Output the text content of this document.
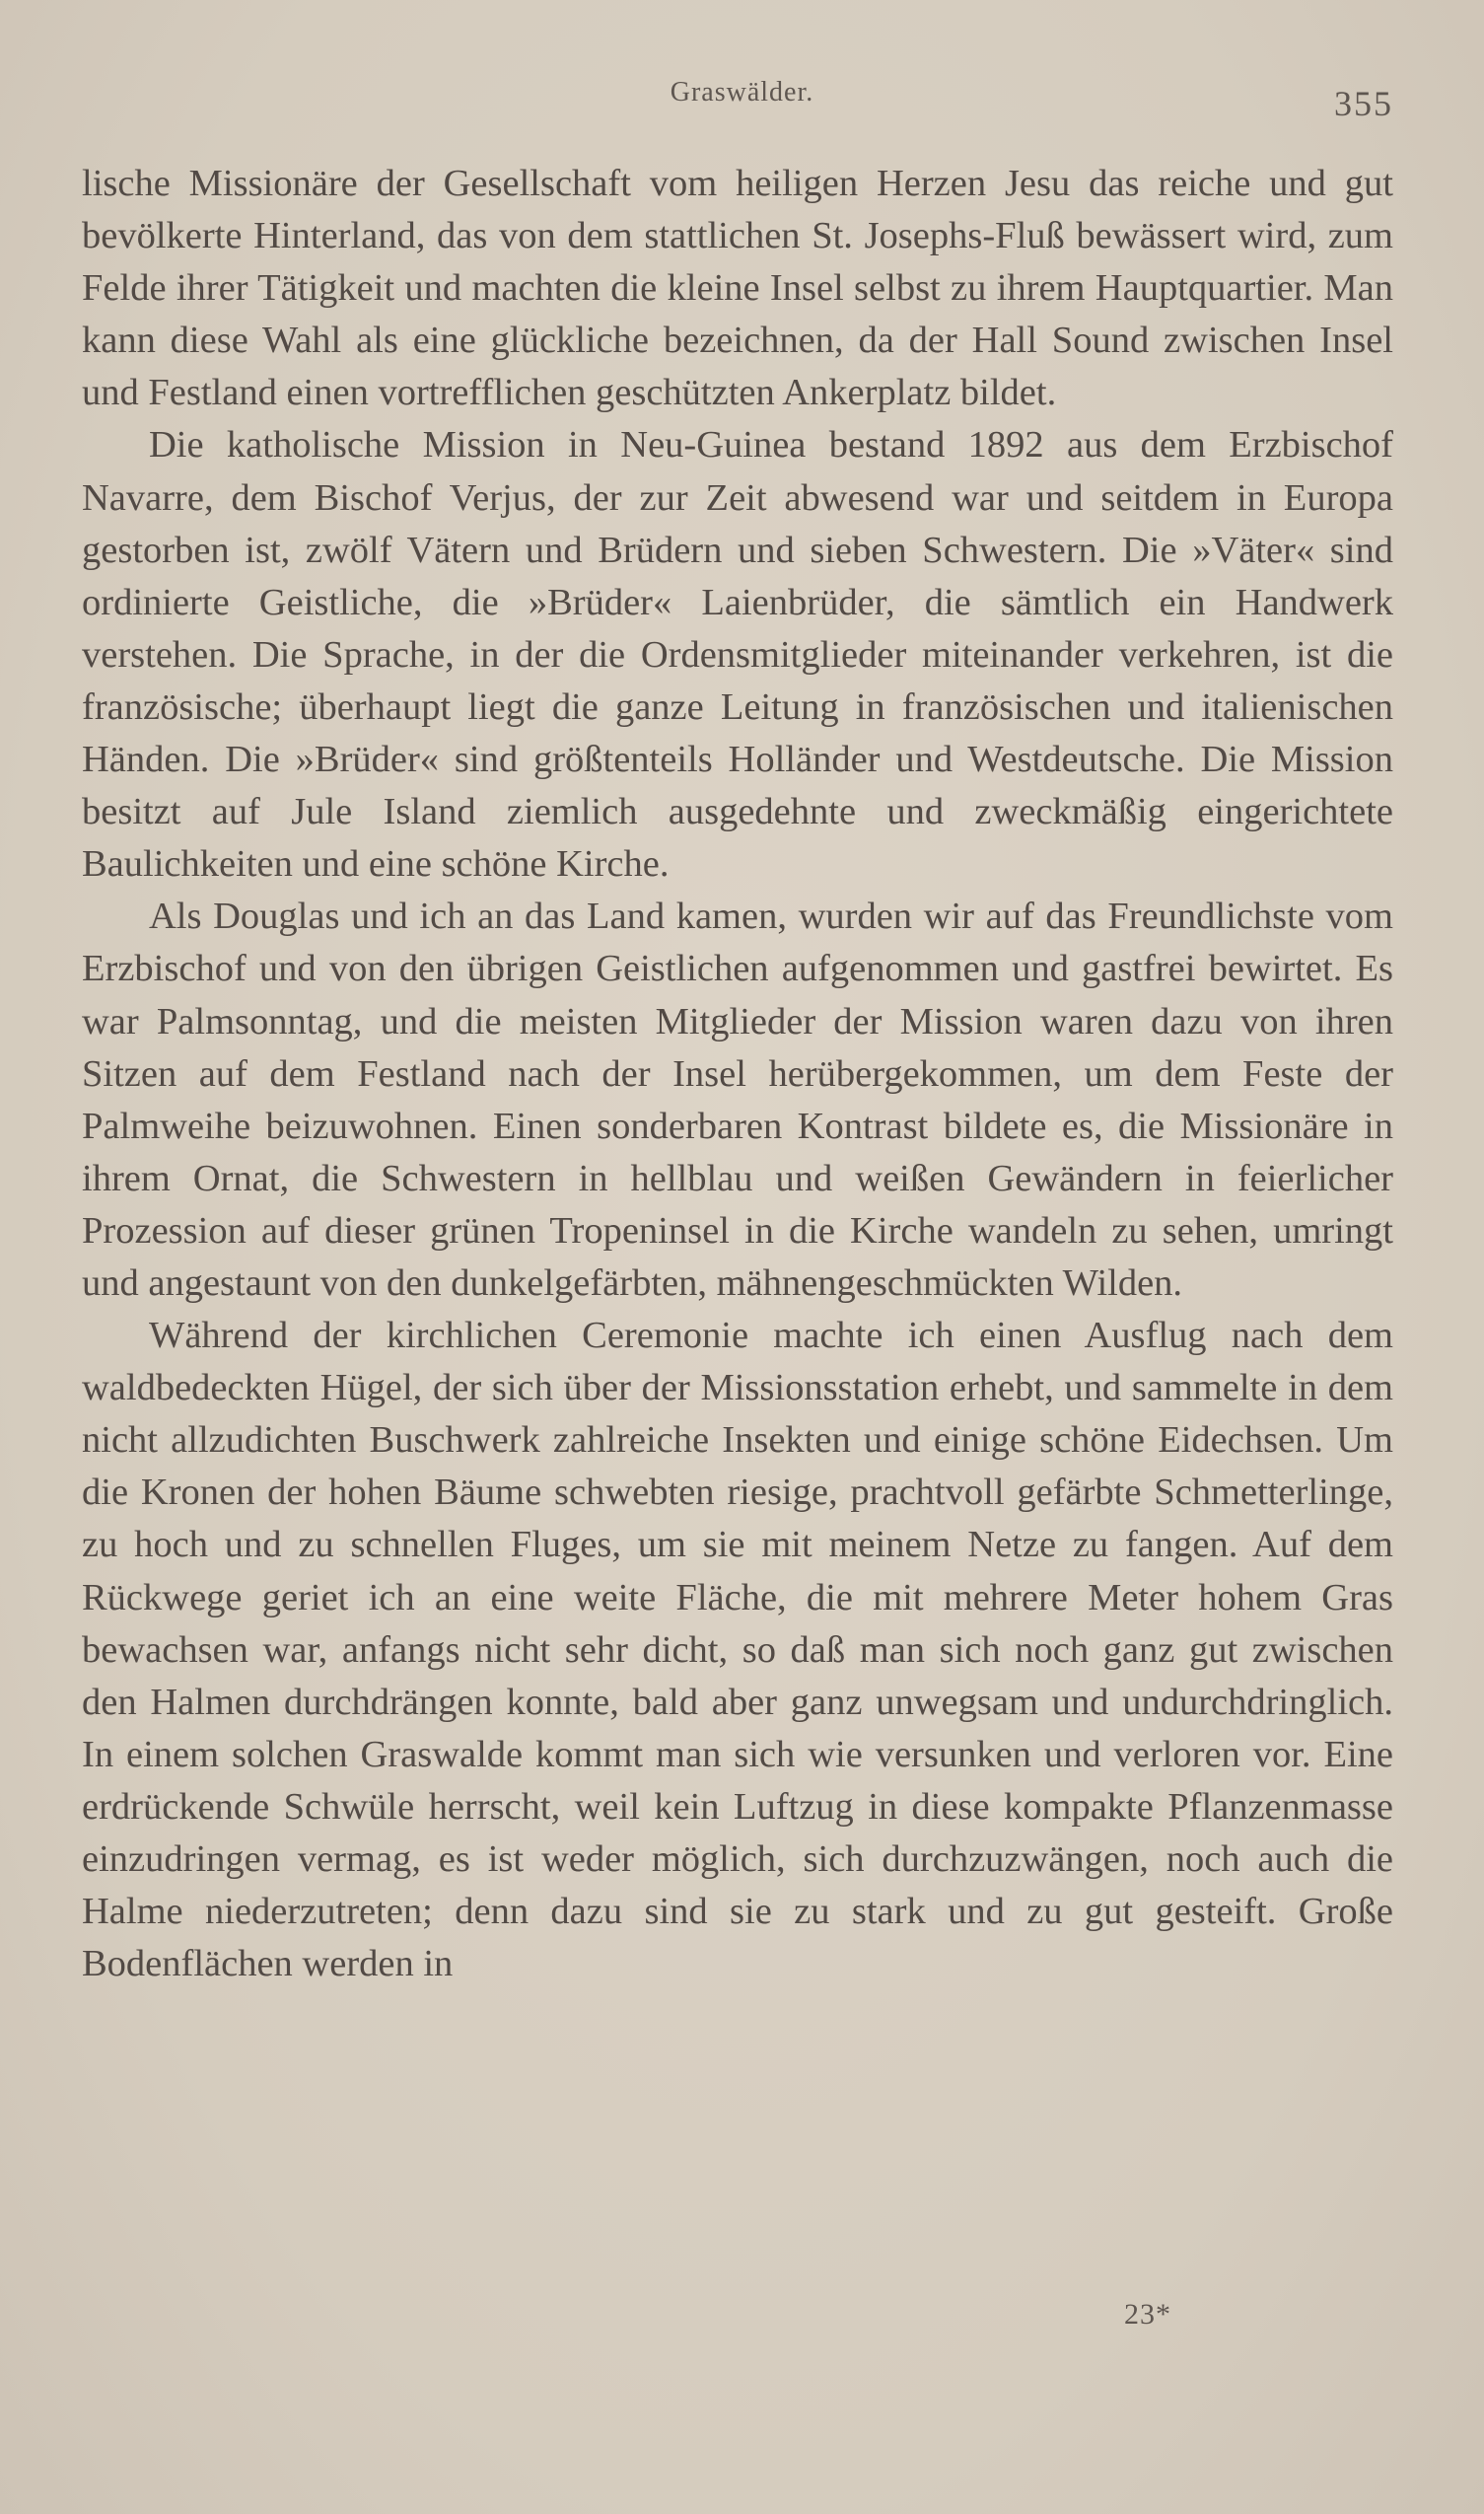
Graswälder.	355

lische Missionäre der Gesellschaft vom heiligen Herzen Jesu das reiche und gut bevölkerte Hinterland, das von dem stattlichen St. Josephs-Fluß bewässert wird, zum Felde ihrer Tätigkeit und machten die kleine Insel selbst zu ihrem Hauptquartier. Man kann diese Wahl als eine glückliche bezeichnen, da der Hall Sound zwischen Insel und Festland einen vortrefflichen geschützten Ankerplatz bildet.

Die katholische Mission in Neu-Guinea bestand 1892 aus dem Erzbischof Navarre, dem Bischof Verjus, der zur Zeit abwesend war und seitdem in Europa gestorben ist, zwölf Vätern und Brüdern und sieben Schwestern. Die »Väter« sind ordinierte Geistliche, die »Brüder« Laienbrüder, die sämtlich ein Handwerk verstehen. Die Sprache, in der die Ordensmitglieder miteinander verkehren, ist die französische; überhaupt liegt die ganze Leitung in französischen und italienischen Händen. Die »Brüder« sind größtenteils Holländer und Westdeutsche. Die Mission besitzt auf Jule Island ziemlich ausgedehnte und zweckmäßig eingerichtete Baulichkeiten und eine schöne Kirche.

Als Douglas und ich an das Land kamen, wurden wir auf das Freundlichste vom Erzbischof und von den übrigen Geistlichen aufgenommen und gastfrei bewirtet. Es war Palmsonntag, und die meisten Mitglieder der Mission waren dazu von ihren Sitzen auf dem Festland nach der Insel herübergekommen, um dem Feste der Palmweihe beizuwohnen. Einen sonderbaren Kontrast bildete es, die Missionäre in ihrem Ornat, die Schwestern in hellblau und weißen Gewändern in feierlicher Prozession auf dieser grünen Tropeninsel in die Kirche wandeln zu sehen, umringt und angestaunt von den dunkelgefärbten, mähnengeschmückten Wilden.

Während der kirchlichen Ceremonie machte ich einen Ausflug nach dem waldbedeckten Hügel, der sich über der Missionsstation erhebt, und sammelte in dem nicht allzudichten Buschwerk zahlreiche Insekten und einige schöne Eidechsen. Um die Kronen der hohen Bäume schwebten riesige, prachtvoll gefärbte Schmetterlinge, zu hoch und zu schnellen Fluges, um sie mit meinem Netze zu fangen. Auf dem Rückwege geriet ich an eine weite Fläche, die mit mehrere Meter hohem Gras bewachsen war, anfangs nicht sehr dicht, so daß man sich noch ganz gut zwischen den Halmen durchdrängen konnte, bald aber ganz unwegsam und undurchdringlich. In einem solchen Graswalde kommt man sich wie versunken und verloren vor. Eine erdrückende Schwüle herrscht, weil kein Luftzug in diese kompakte Pflanzenmasse einzudringen vermag, es ist weder möglich, sich durchzuzwängen, noch auch die Halme niederzutreten; denn dazu sind sie zu stark und zu gut gesteift. Große Bodenflächen werden in

23*
